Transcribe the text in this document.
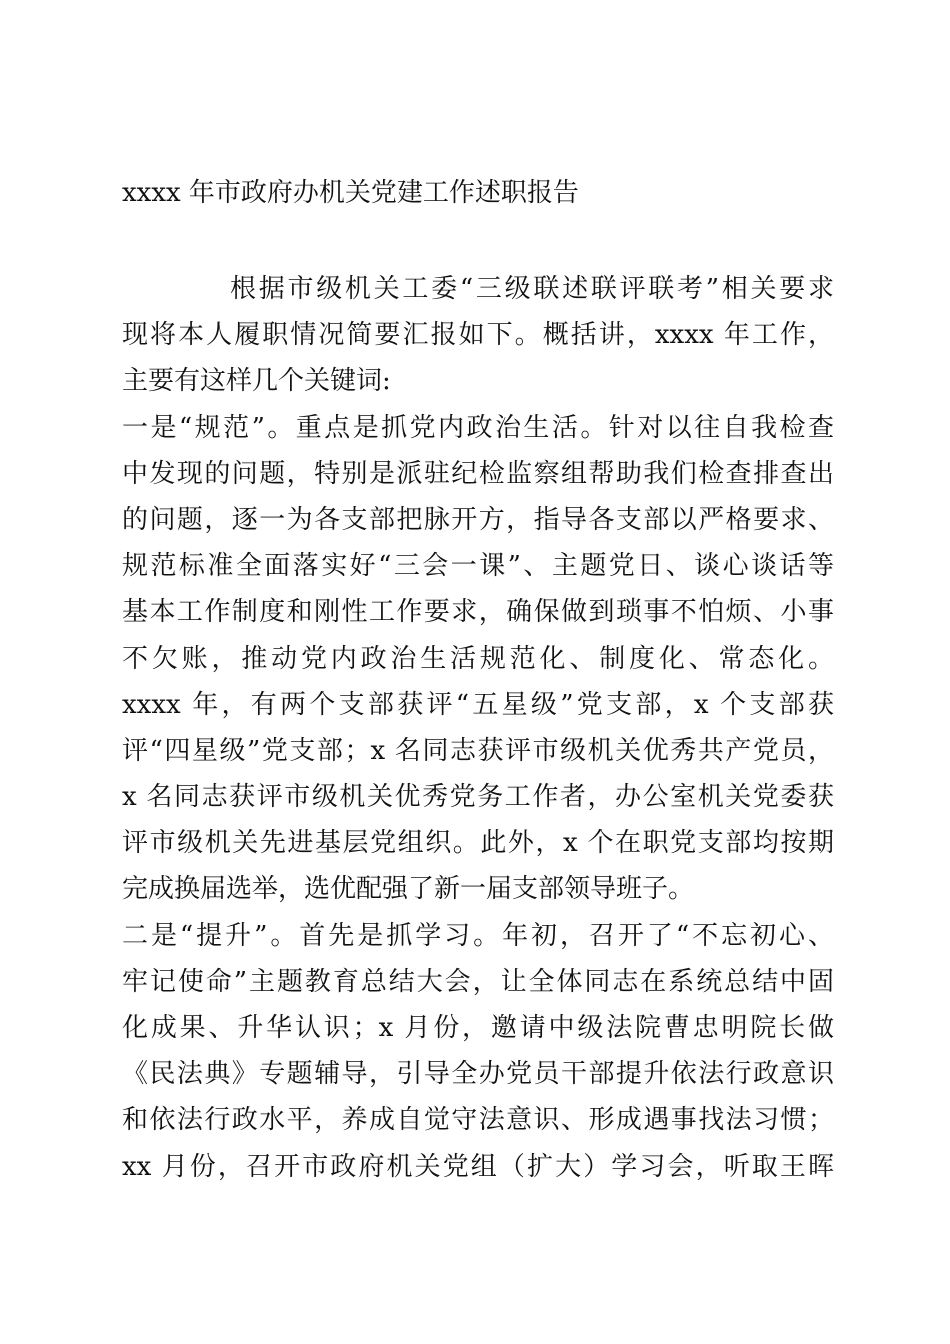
xxxx 年市政府办机关党建工作述职报告
根据市级机关工委“三级联述联评联考”相关要求
现将本人履职情况简要汇报如下。概括讲，xxxx 年工作，
主要有这样几个关键词:
一是“规范”。重点是抓党内政治生活。针对以往自我检查
中发现的问题，特别是派驻纪检监察组帮助我们检查排查出
的问题，逐一为各支部把脉开方，指导各支部以严格要求、
规范标准全面落实好“三会一课”、主题党日、谈心谈话等
基本工作制度和刚性工作要求，确保做到琐事不怕烦、小事
不欠账，推动党内政治生活规范化、制度化、常态化。
xxxx 年，有两个支部获评“五星级”党支部，x 个支部获
评“四星级”党支部；x 名同志获评市级机关优秀共产党员，
x 名同志获评市级机关优秀党务工作者，办公室机关党委获
评市级机关先进基层党组织。此外，x 个在职党支部均按期
完成换届选举，选优配强了新一届支部领导班子。
二是“提升”。首先是抓学习。年初，召开了“不忘初心、
牢记使命”主题教育总结大会，让全体同志在系统总结中固
化成果、升华认识；x 月份，邀请中级法院曹忠明院长做
《民法典》专题辅导，引导全办党员干部提升依法行政意识
和依法行政水平，养成自觉守法意识、形成遇事找法习惯；
xx 月份，召开市政府机关党组（扩大）学习会，听取王晖
